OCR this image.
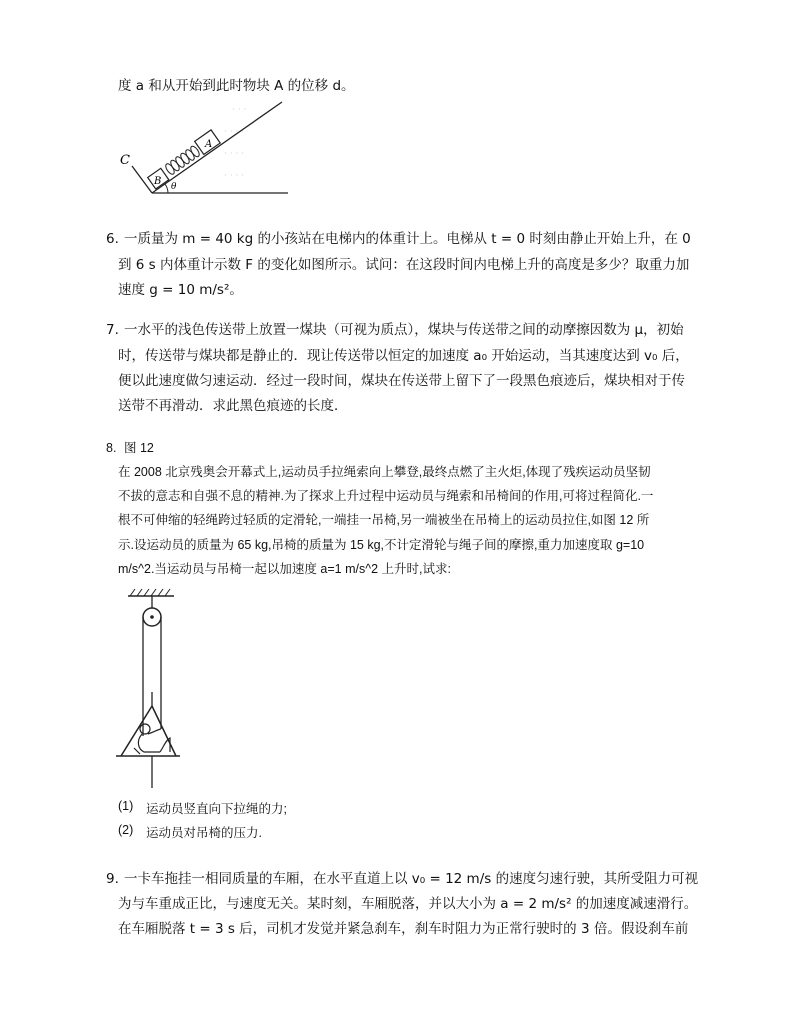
度 a 和从开始到此时物块 A 的位移 d。
· · ·
· · · ·
· · · ·
· · · ·
C
B
A
θ
6. 一质量为 m = 40 kg 的小孩站在电梯内的体重计上。电梯从 t = 0 时刻由静止开始上升，在 0
到 6 s 内体重计示数 F 的变化如图所示。试问：在这段时间内电梯上升的高度是多少？取重力加
速度 g = 10 m/s²。
7. 一水平的浅色传送带上放置一煤块（可视为质点），煤块与传送带之间的动摩擦因数为 μ，初始
时，传送带与煤块都是静止的．现让传送带以恒定的加速度 a₀ 开始运动，当其速度达到 v₀ 后，
便以此速度做匀速运动．经过一段时间，煤块在传送带上留下了一段黑色痕迹后，煤块相对于传
送带不再滑动．求此黑色痕迹的长度．
8. 图 12
在 2008 北京残奥会开幕式上,运动员手拉绳索向上攀登,最终点燃了主火炬,体现了残疾运动员坚韧
不拔的意志和自强不息的精神.为了探求上升过程中运动员与绳索和吊椅间的作用,可将过程简化.一
根不可伸缩的轻绳跨过轻质的定滑轮,一端挂一吊椅,另一端被坐在吊椅上的运动员拉住,如图 12 所
示.设运动员的质量为 65 kg,吊椅的质量为 15 kg,不计定滑轮与绳子间的摩擦,重力加速度取 g=10
m/s^2.当运动员与吊椅一起以加速度 a=1 m/s^2 上升时,试求:
(1) 运动员竖直向下拉绳的力;
(2) 运动员对吊椅的压力.
9. 一卡车拖挂一相同质量的车厢，在水平直道上以 v₀ = 12 m/s 的速度匀速行驶，其所受阻力可视
为与车重成正比，与速度无关。某时刻，车厢脱落，并以大小为 a = 2 m/s² 的加速度减速滑行。
在车厢脱落 t = 3 s 后，司机才发觉并紧急刹车，刹车时阻力为正常行驶时的 3 倍。假设刹车前
